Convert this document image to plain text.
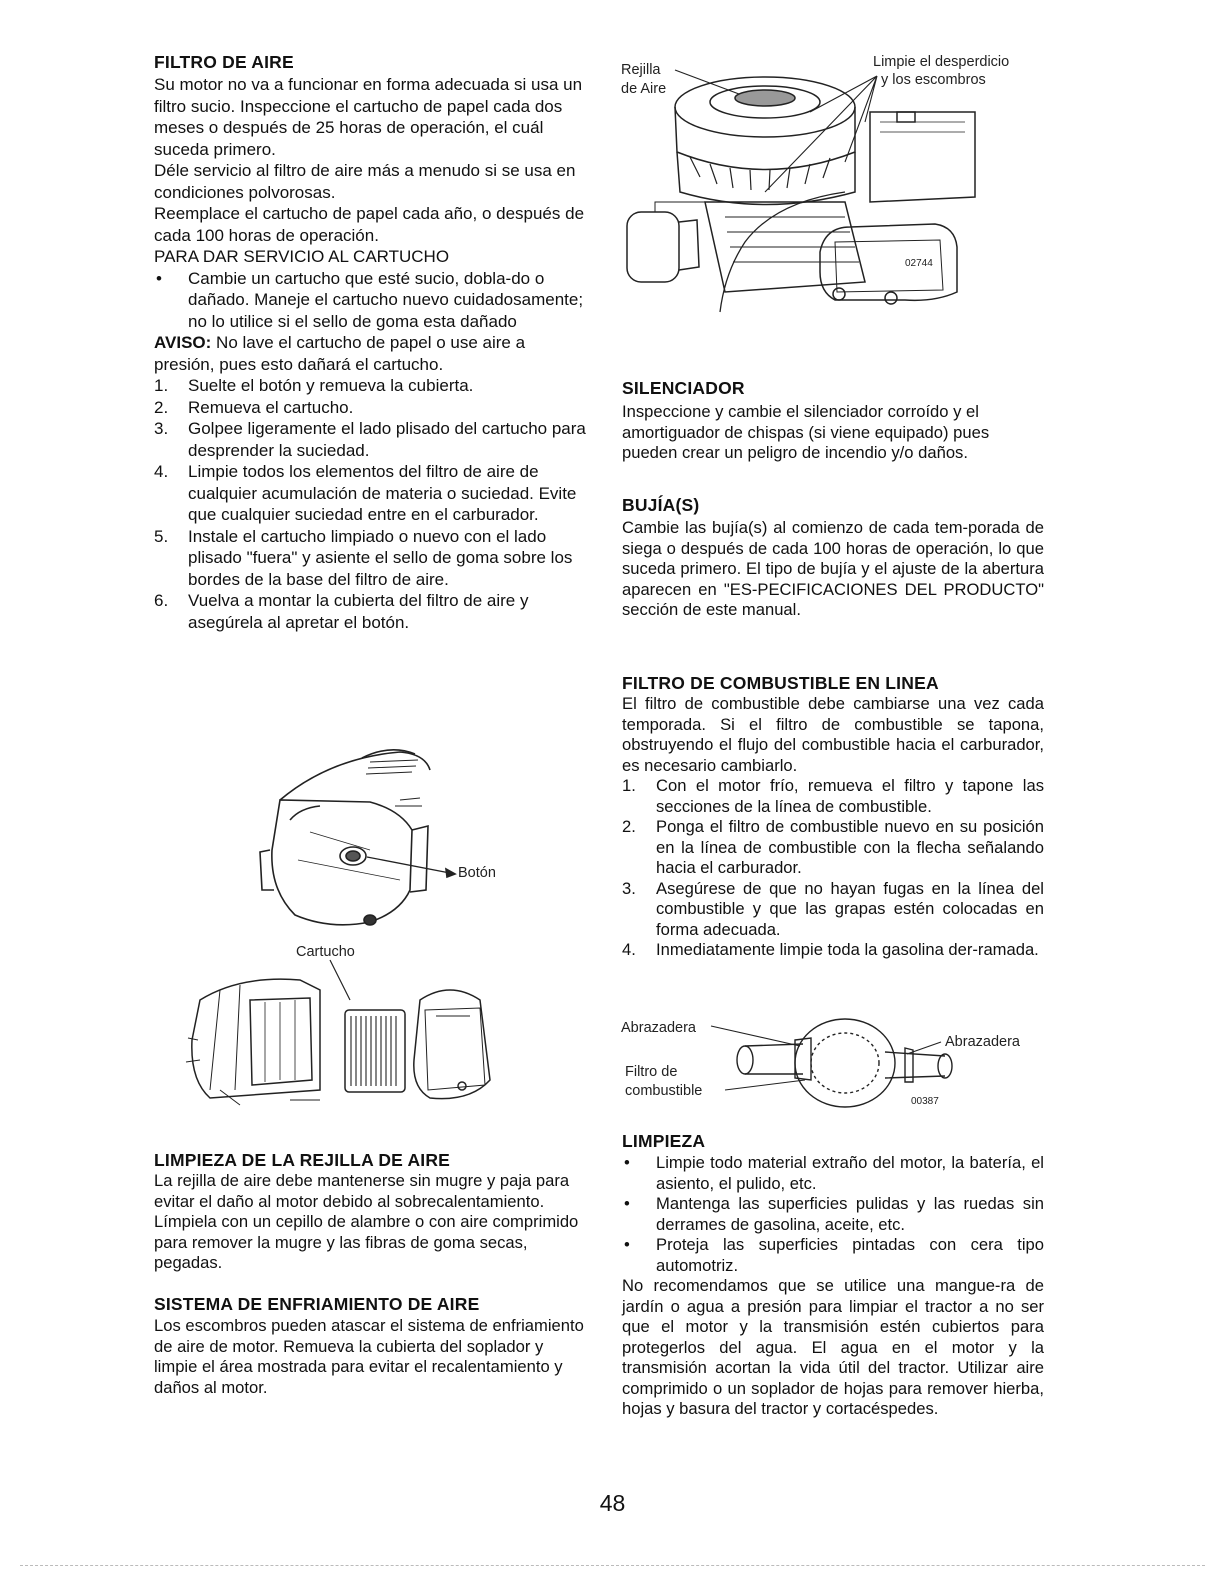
FILTRO DE AIRE

Su motor no va a funcionar en forma adecuada si usa un filtro sucio. Inspeccione el cartucho de papel cada dos meses o después de 25 horas de operación, el cuál suceda primero.

Déle servicio al filtro de aire más a menudo si se usa en condiciones polvorosas.

Reemplace el cartucho de papel cada año, o después de cada 100 horas de operación.

PARA DAR SERVICIO AL CARTUCHO

•	Cambie un cartucho que esté sucio, dobla-do o dañado. Maneje el cartucho nuevo cuidadosamente; no lo utilice si el sello de goma esta dañado

AVISO: No lave el cartucho de papel o use aire a presión, pues esto dañará el cartucho.

1.	Suelte el botón y remueva la cubierta.
2.	Remueva el cartucho.
3.	Golpee ligeramente el lado plisado del cartucho para desprender la suciedad.
4.	Limpie todos los elementos del filtro de aire de cualquier acumulación de materia o suciedad. Evite que cualquier suciedad entre en el carburador.
5.	Instale el cartucho limpiado o nuevo con el lado plisado "fuera" y asiente el sello de goma sobre los bordes de la base del filtro de aire.
6.	Vuelva a montar la cubierta del filtro de aire y asegúrela al apretar el botón.
LIMPIEZA DE LA REJILLA DE AIRE
La rejilla de aire debe mantenerse sin mugre y paja para evitar el daño al motor debido al sobrecalentamiento. Límpiela con un cepillo de alambre o con aire comprimido para remover la mugre y las fibras de goma secas, pegadas.
SISTEMA DE ENFRIAMIENTO DE AIRE
Los escombros pueden atascar el sistema de enfriamiento de aire de motor. Remueva la cubierta del soplador y limpie el área mostrada para evitar el recalentamiento y daños al motor.
Botón
Cartucho
SILENCIADOR
Inspeccione y cambie el silenciador corroído y el amortiguador de chispas (si viene equipado) pues pueden crear un peligro de incendio y/o daños.
BUJÍA(S)
Cambie las bujía(s) al comienzo de cada tem-porada de siega o después de cada 100 horas de operación, lo que suceda primero. El tipo de bujía y el ajuste de la abertura aparecen en "ES-PECIFICACIONES DEL PRODUCTO" sección de este manual.
FILTRO DE COMBUSTIBLE EN LINEA

El filtro de combustible debe cambiarse una vez cada temporada. Si el filtro de combustible se tapona, obstruyendo el flujo del combustible hacia el carburador, es necesario cambiarlo.

1.	Con el motor frío, remueva el filtro y tapone las secciones de la línea de combustible.
2.	Ponga el filtro de combustible nuevo en su posición en la línea de combustible con la flecha señalando hacia el carburador.
3.	Asegúrese de que no hayan fugas en la línea del combustible y que las grapas estén colocadas en forma adecuada.
4.	Inmediatamente limpie toda la gasolina der-ramada.
LIMPIEZA
•	Limpie todo material extraño del motor, la batería, el asiento, el pulido, etc.
•	Mantenga las superficies pulidas y las ruedas sin derrames de gasolina, aceite, etc.
•	Proteja las superficies pintadas con cera tipo automotriz.

No recomendamos que se utilice una mangue-ra de jardín o agua a presión para limpiar el tractor a no ser que el motor y la transmisión estén cubiertos para protegerlos del agua. El agua en el motor y la transmisión acortan la vida útil del tractor. Utilizar aire comprimido o un soplador de hojas para remover hierba, hojas y basura del tractor y cortacéspedes.

Rejilla
de Aire
Limpie el desperdicio
y los escombros
02744
Abrazadera
Abrazadera
Filtro de
combustible
00387
48
